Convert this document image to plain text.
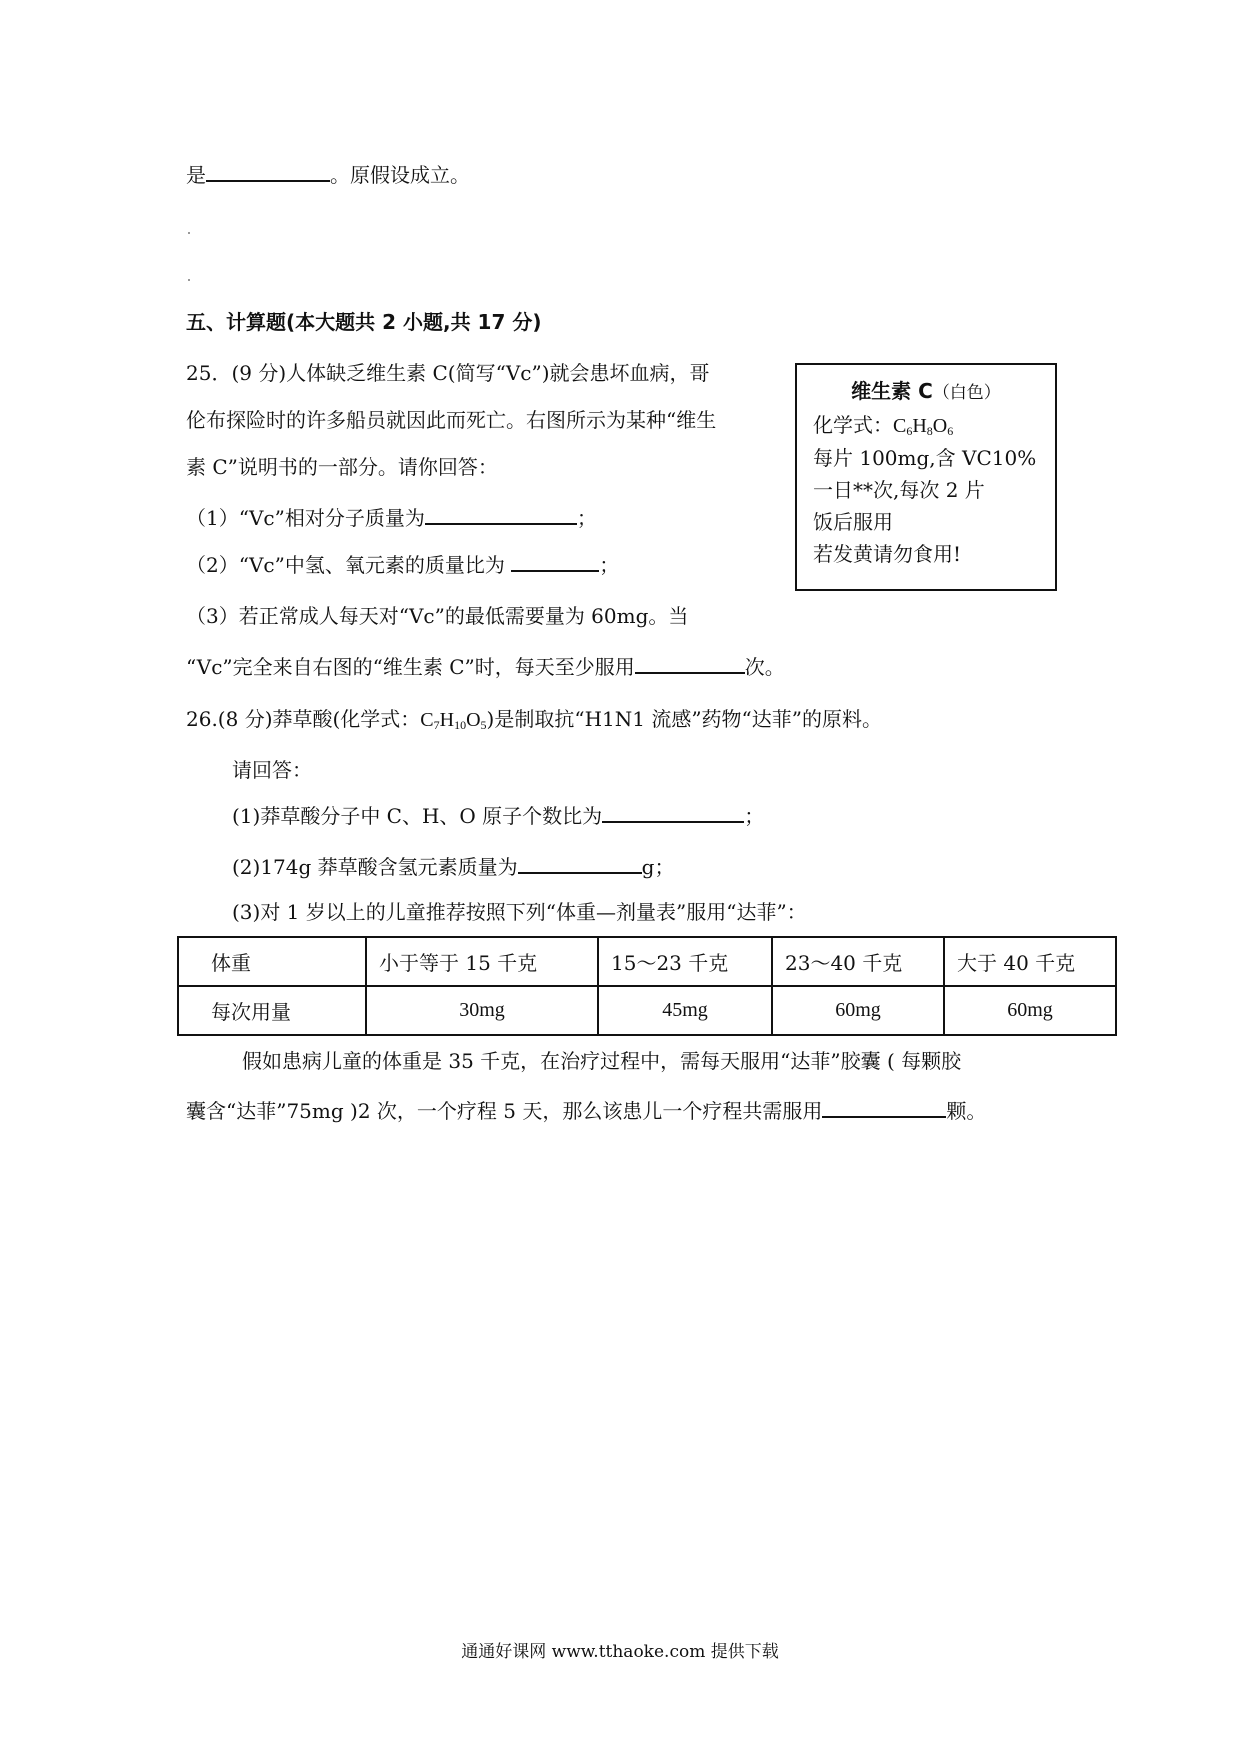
是	。原假设成立。
五、计算题(本大题共 2 小题,共 17 分)
25．(9 分)人体缺乏维生素 C(简写“Vc”)就会患坏血病，哥
伦布探险时的许多船员就因此而死亡。右图所示为某种“维生
素 C”说明书的一部分。请你回答：
（1）“Vc”相对分子质量为	；
（2）“Vc”中氢、氧元素的质量比为	；
（3）若正常成人每天对“Vc”的最低需要量为 60mg。当
“Vc”完全来自右图的“维生素 C”时，每天至少服用	次。
维生素 C（白色）
化学式：$C_6H_8O_6$
每片 100mg,含 VC10%
一日**次,每次 2 片
饭后服用
若发黄请勿食用!
26.(8 分)莽草酸(化学式：$C_7H_{10}O_5$)是制取抗“H1N1 流感”药物“达菲”的原料。
请回答：
(1)莽草酸分子中 C、H、O 原子个数比为	；
(2)174g 莽草酸含氢元素质量为	g；
(3)对 1 岁以上的儿童推荐按照下列“体重—剂量表”服用“达菲”：
体重	小于等于 15 千克	15～23 千克	23～40 千克	大于 40 千克
每次用量	30mg	45mg	60mg	60mg
假如患病儿童的体重是 35 千克，在治疗过程中，需每天服用“达菲”胶囊 ( 每颗胶
囊含“达菲”75mg )2 次，一个疗程 5 天，那么该患儿一个疗程共需服用	颗。
通通好课网 www.tthaoke.com 提供下载
